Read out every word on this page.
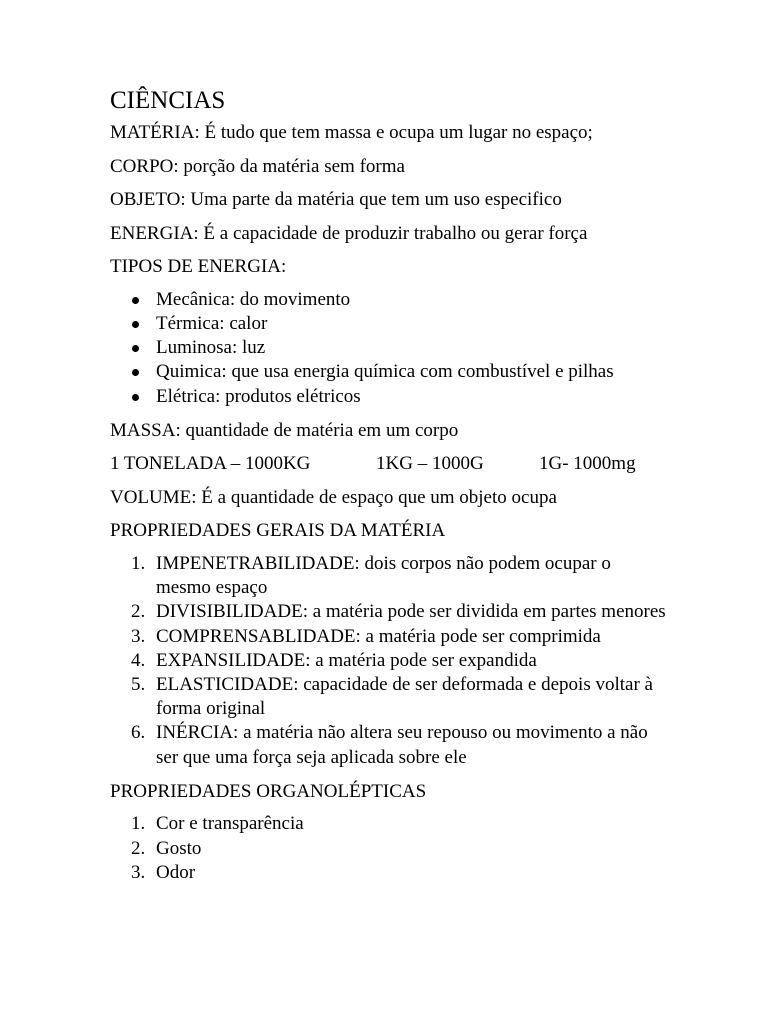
CIÊNCIAS

MATÉRIA: É tudo que tem massa e ocupa um lugar no espaço;

CORPO: porção da matéria sem forma

OBJETO: Uma parte da matéria que tem um uso especifico

ENERGIA: É a capacidade de produzir trabalho ou gerar força

TIPOS DE ENERGIA:

Mecânica: do movimento
Térmica: calor
Luminosa: luz
Quimica: que usa energia química com combustível e pilhas
Elétrica: produtos elétricos

MASSA: quantidade de matéria em um corpo

1 TONELADA – 1000KG	1KG – 1000G	1G- 1000mg

VOLUME: É a quantidade de espaço que um objeto ocupa

PROPRIEDADES GERAIS DA MATÉRIA

1. IMPENETRABILIDADE: dois corpos não podem ocupar o mesmo espaço
2. DIVISIBILIDADE: a matéria pode ser dividida em partes menores
3. COMPRENSABLIDADE: a matéria pode ser comprimida
4. EXPANSILIDADE: a matéria pode ser expandida
5. ELASTICIDADE: capacidade de ser deformada e depois voltar à forma original
6. INÉRCIA: a matéria não altera seu repouso ou movimento a não ser que uma força seja aplicada sobre ele

PROPRIEDADES ORGANOLÉPTICAS

1. Cor e transparência
2. Gosto
3. Odor
